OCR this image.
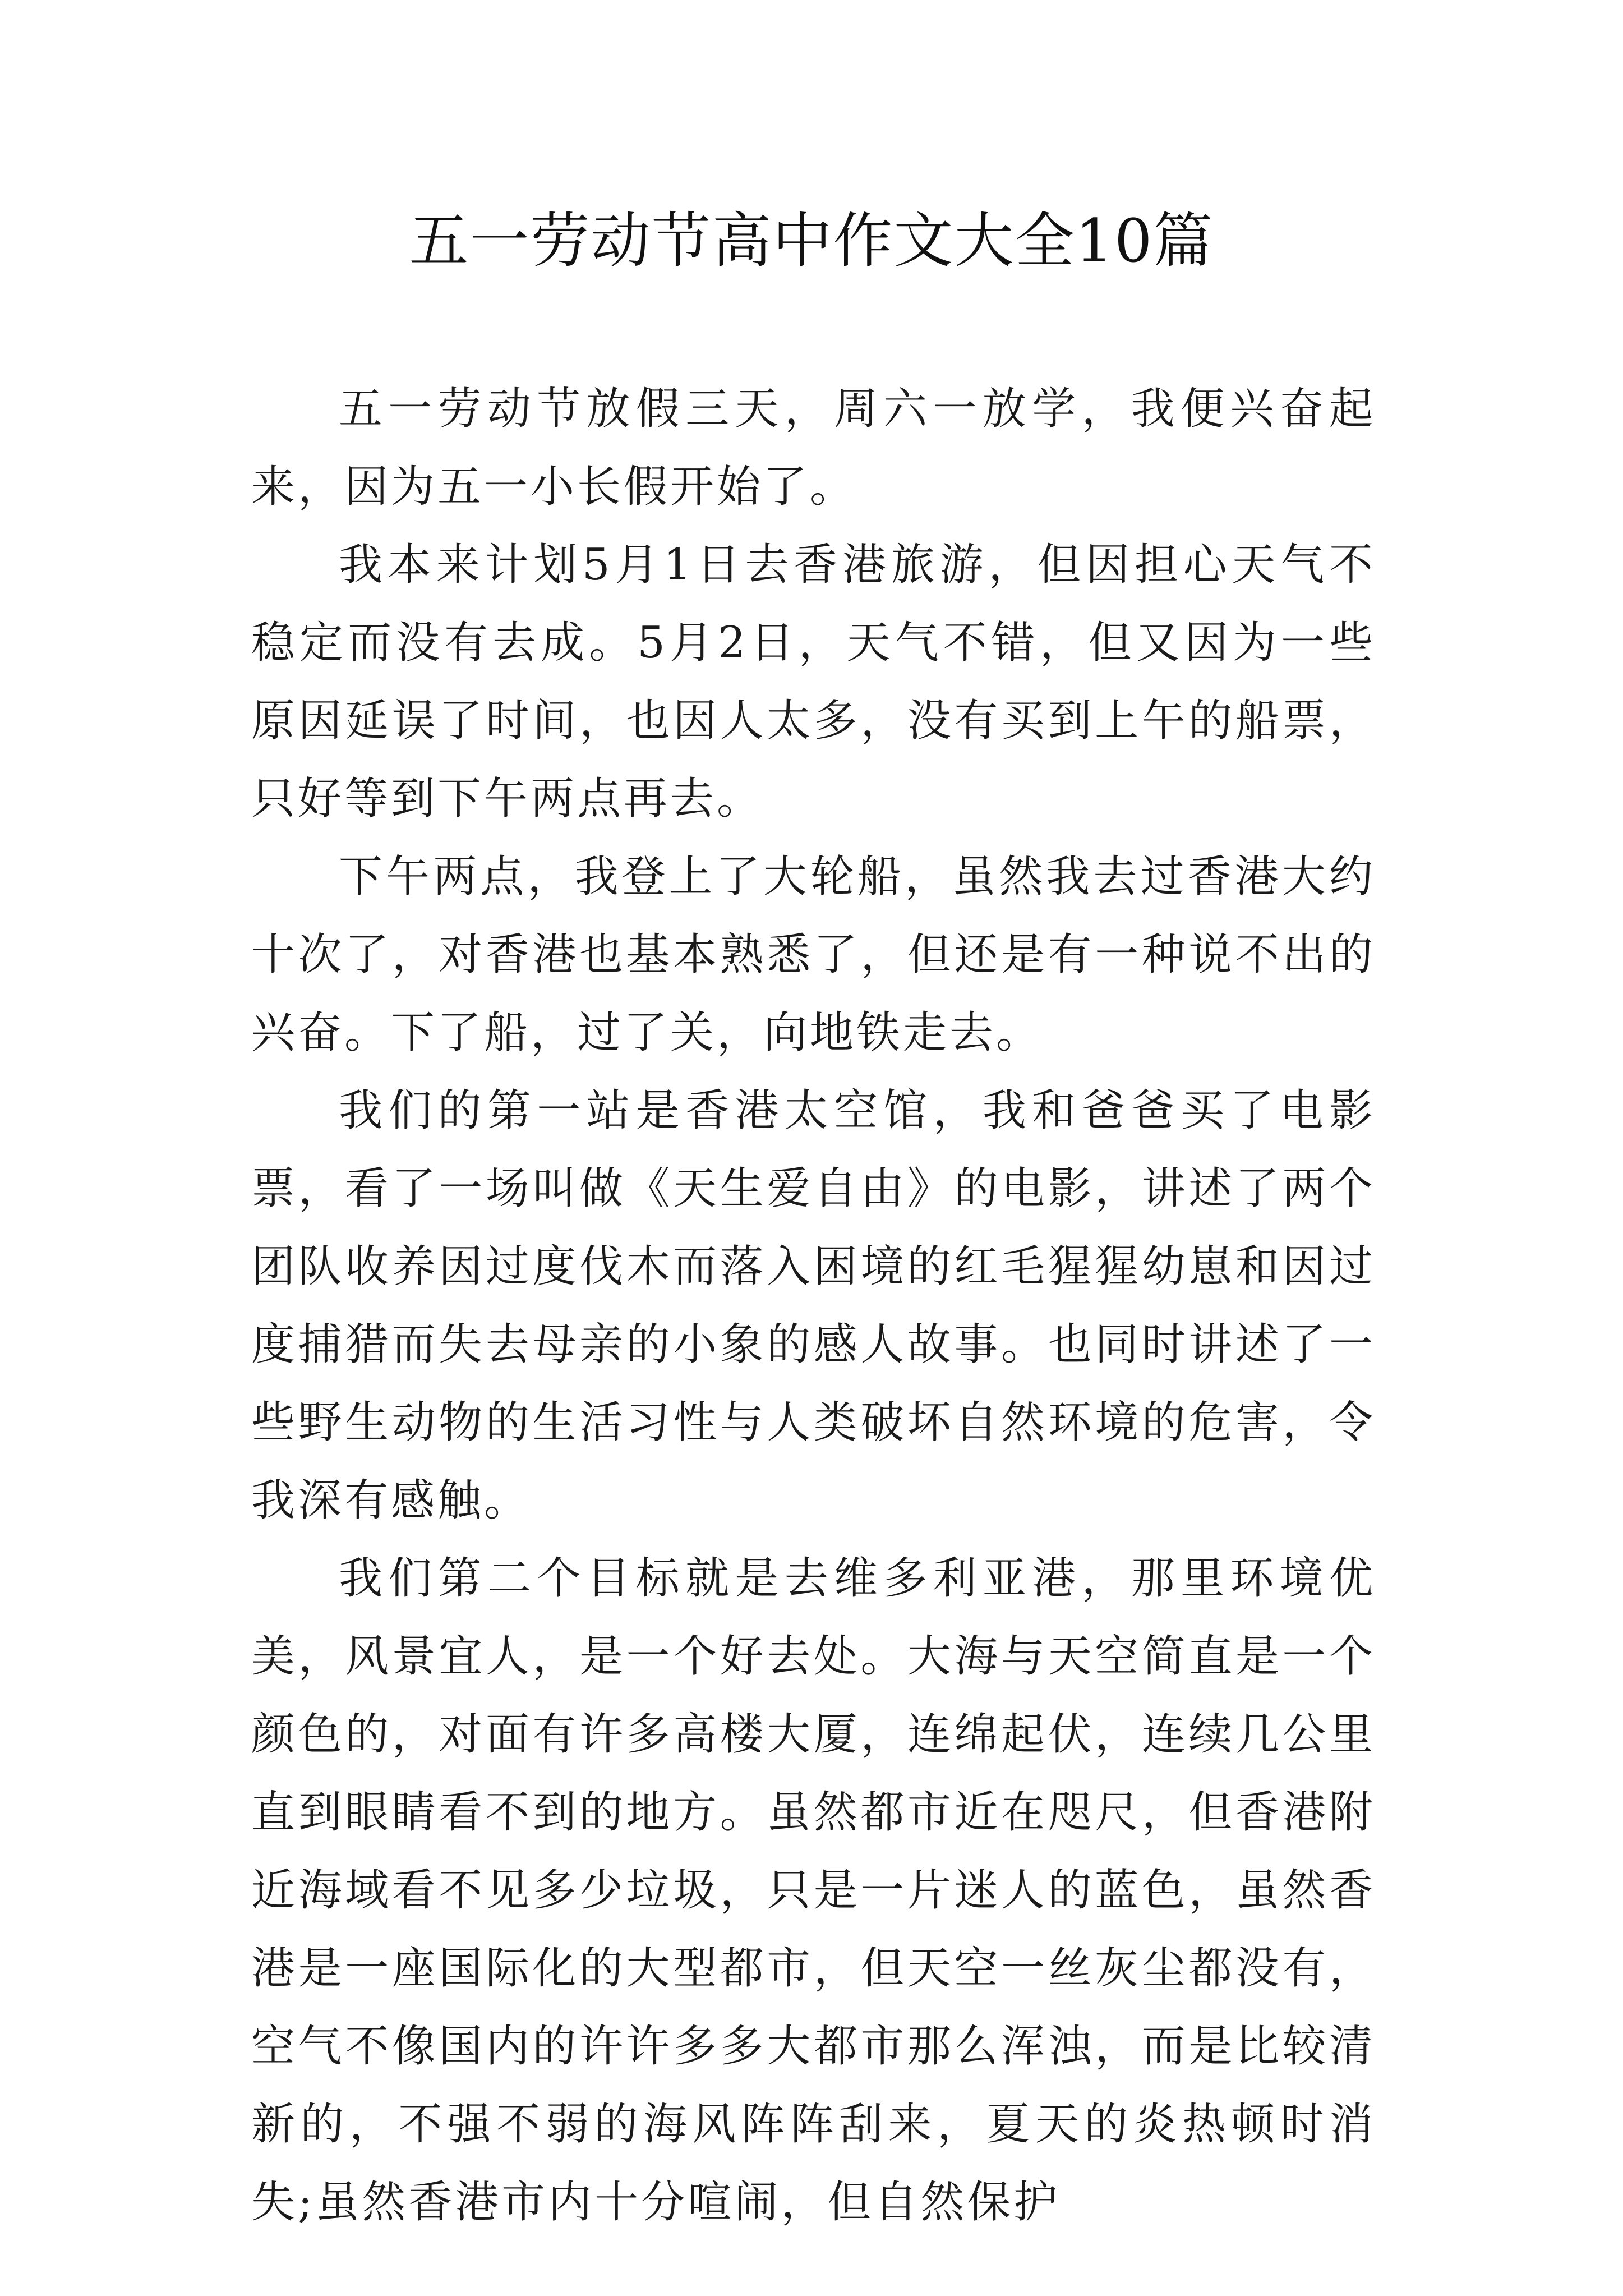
五一劳动节高中作文大全10篇

五一劳动节放假三天，周六一放学，我便兴奋起来，因为五一小长假开始了。

我本来计划5月1日去香港旅游，但因担心天气不稳定而没有去成。5月2日，天气不错，但又因为一些原因延误了时间，也因人太多，没有买到上午的船票，只好等到下午两点再去。

下午两点，我登上了大轮船，虽然我去过香港大约十次了，对香港也基本熟悉了，但还是有一种说不出的兴奋。下了船，过了关，向地铁走去。

我们的第一站是香港太空馆，我和爸爸买了电影票，看了一场叫做《天生爱自由》的电影，讲述了两个团队收养因过度伐木而落入困境的红毛猩猩幼崽和因过度捕猎而失去母亲的小象的感人故事。也同时讲述了一些野生动物的生活习性与人类破坏自然环境的危害，令我深有感触。

我们第二个目标就是去维多利亚港，那里环境优美，风景宜人，是一个好去处。大海与天空简直是一个颜色的，对面有许多高楼大厦，连绵起伏，连续几公里直到眼睛看不到的地方。虽然都市近在咫尺，但香港附近海域看不见多少垃圾，只是一片迷人的蓝色，虽然香港是一座国际化的大型都市，但天空一丝灰尘都没有，空气不像国内的许许多多大都市那么浑浊，而是比较清新的，不强不弱的海风阵阵刮来，夏天的炎热顿时消失;虽然香港市内十分喧闹，但自然保护
